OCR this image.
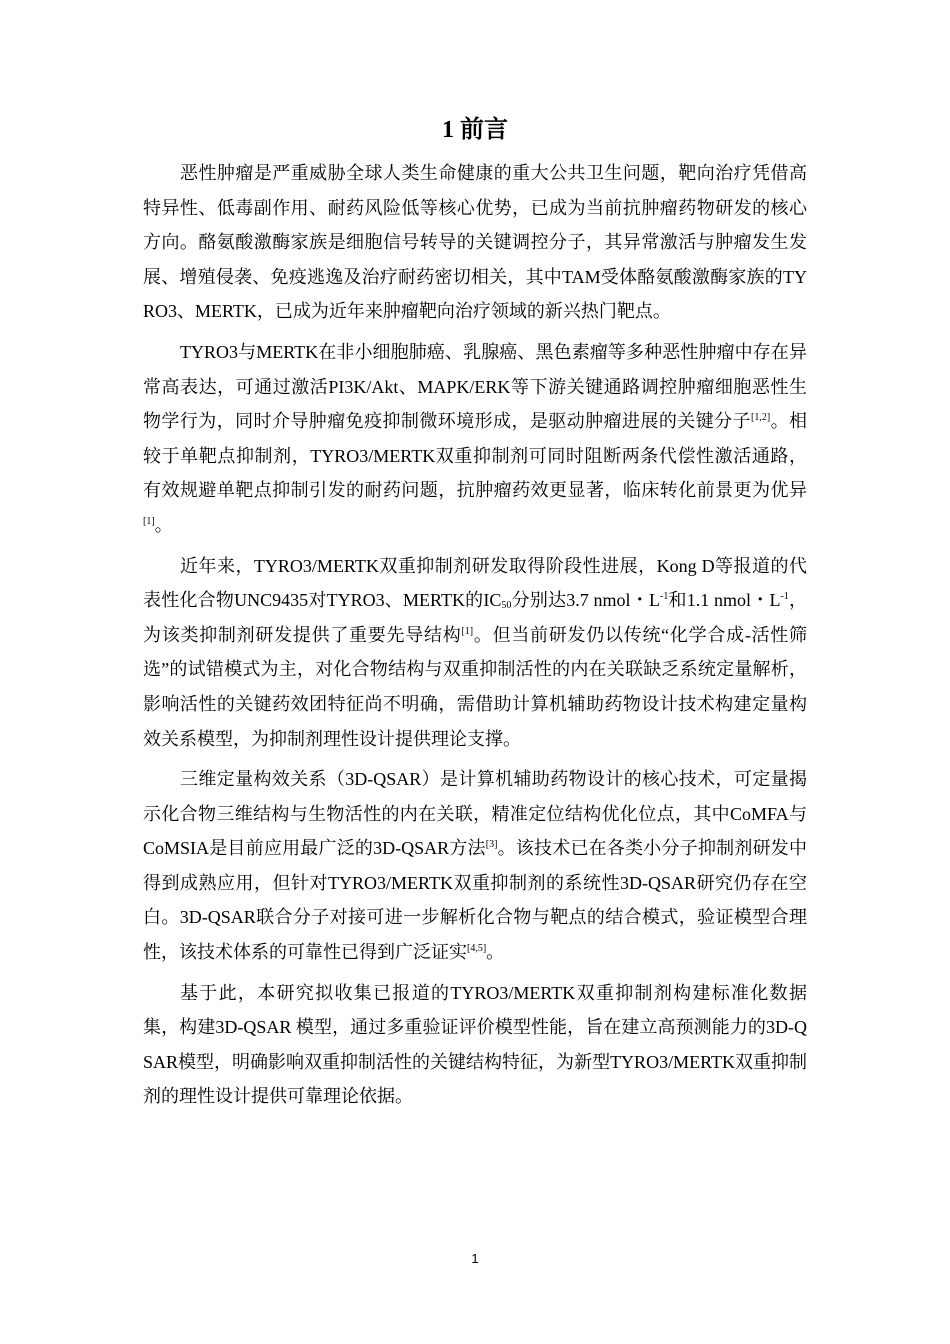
1 前言

恶性肿瘤是严重威胁全球人类生命健康的重大公共卫生问题，靶向治疗凭借高特异性、低毒副作用、耐药风险低等核心优势，已成为当前抗肿瘤药物研发的核心方向。酪氨酸激酶家族是细胞信号转导的关键调控分子，其异常激活与肿瘤发生发展、增殖侵袭、免疫逃逸及治疗耐药密切相关，其中TAM受体酪氨酸激酶家族的TYRO3、MERTK，已成为近年来肿瘤靶向治疗领域的新兴热门靶点。

TYRO3与MERTK在非小细胞肺癌、乳腺癌、黑色素瘤等多种恶性肿瘤中存在异常高表达，可通过激活PI3K/Akt、MAPK/ERK等下游关键通路调控肿瘤细胞恶性生物学行为，同时介导肿瘤免疫抑制微环境形成，是驱动肿瘤进展的关键分子[1,2]。相较于单靶点抑制剂，TYRO3/MERTK双重抑制剂可同时阻断两条代偿性激活通路，有效规避单靶点抑制引发的耐药问题，抗肿瘤药效更显著，临床转化前景更为优异[1]。

近年来，TYRO3/MERTK双重抑制剂研发取得阶段性进展，Kong D等报道的代表性化合物UNC9435对TYRO3、MERTK的$IC_{50}$分别达3.7 nmol・$L^{-1}$和1.1 nmol・$L^{-1}$，为该类抑制剂研发提供了重要先导结构[1]。但当前研发仍以传统“化学合成-活性筛选”的试错模式为主，对化合物结构与双重抑制活性的内在关联缺乏系统定量解析，影响活性的关键药效团特征尚不明确，需借助计算机辅助药物设计技术构建定量构效关系模型，为抑制剂理性设计提供理论支撑。

三维定量构效关系（3D-QSAR）是计算机辅助药物设计的核心技术，可定量揭示化合物三维结构与生物活性的内在关联，精准定位结构优化位点，其中CoMFA与CoMSIA是目前应用最广泛的3D-QSAR方法[3]。该技术已在各类小分子抑制剂研发中得到成熟应用，但针对TYRO3/MERTK双重抑制剂的系统性3D-QSAR研究仍存在空白。3D-QSAR联合分子对接可进一步解析化合物与靶点的结合模式，验证模型合理性，该技术体系的可靠性已得到广泛证实[4,5]。

基于此，本研究拟收集已报道的TYRO3/MERTK双重抑制剂构建标准化数据集，构建3D-QSAR 模型，通过多重验证评价模型性能，旨在建立高预测能力的3D-QSAR模型，明确影响双重抑制活性的关键结构特征，为新型TYRO3/MERTK双重抑制剂的理性设计提供可靠理论依据。

1
